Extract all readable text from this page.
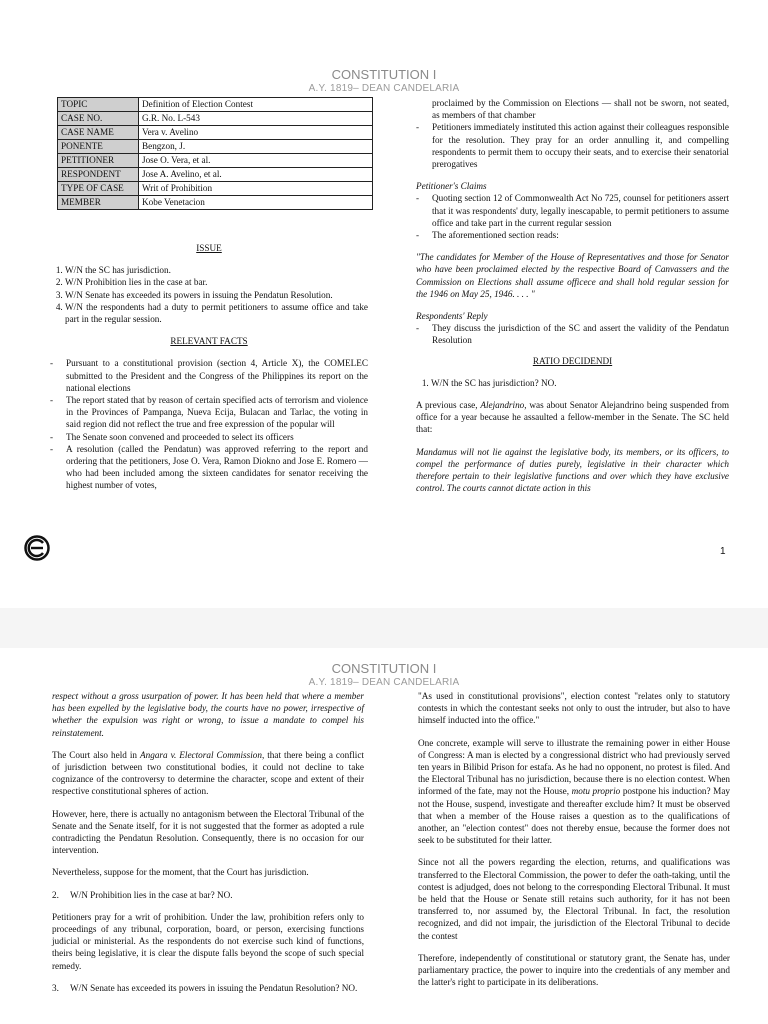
CONSTITUTION I
A.Y. 1819– DEAN CANDELARIA
TOPIC	Definition of Election Contest
CASE NO.	G.R. No. L-543
CASE NAME	Vera v. Avelino
PONENTE	Bengzon, J.
PETITIONER	Jose O. Vera, et al.
RESPONDENT	Jose A. Avelino, et al.
TYPE OF CASE	Writ of Prohibition
MEMBER	Kobe Venetacion
ISSUE
1. W/N the SC has jurisdiction.
2. W/N Prohibition lies in the case at bar.
3. W/N Senate has exceeded its powers in issuing the Pendatun Resolution.
4. W/N the respondents had a duty to permit petitioners to assume office and take part in the regular session.
RELEVANT FACTS
- Pursuant to a constitutional provision (section 4, Article X), the COMELEC submitted to the President and the Congress of the Philippines its report on the national elections
- The report stated that by reason of certain specified acts of terrorism and violence in the Provinces of Pampanga, Nueva Ecija, Bulacan and Tarlac, the voting in said region did not reflect the true and free expression of the popular will
- The Senate soon convened and proceeded to select its officers
- A resolution (called the Pendatun) was approved referring to the report and ordering that the petitioners, Jose O. Vera, Ramon Diokno and Jose E. Romero — who had been included among the sixteen candidates for senator receiving the highest number of votes,
proclaimed by the Commission on Elections — shall not be sworn, not seated, as members of that chamber
- Petitioners immediately instituted this action against their colleagues responsible for the resolution. They pray for an order annulling it, and compelling respondents to permit them to occupy their seats, and to exercise their senatorial prerogatives
Petitioner's Claims
- Quoting section 12 of Commonwealth Act No 725, counsel for petitioners assert that it was respondents' duty, legally inescapable, to permit petitioners to assume office and take part in the current regular session
- The aforementioned section reads:

"The candidates for Member of the House of Representatives and those for Senator who have been proclaimed elected by the respective Board of Canvassers and the Commission on Elections shall assume officece and shall hold regular session for the 1946 on May 25, 1946. . . . "

Respondents' Reply
- They discuss the jurisdiction of the SC and assert the validity of the Pendatun Resolution
RATIO DECIDENDI
1. W/N the SC has jurisdiction? NO.

A previous case, Alejandrino, was about Senator Alejandrino being suspended from office for a year because he assaulted a fellow-member in the Senate. The SC held that:

Mandamus will not lie against the legislative body, its members, or its officers, to compel the performance of duties purely, legislative in their character which therefore pertain to their legislative functions and over which they have exclusive control. The courts cannot dictate action in this

1
CONSTITUTION I
A.Y. 1819– DEAN CANDELARIA

respect without a gross usurpation of power. It has been held that where a member has been expelled by the legislative body, the courts have no power, irrespective of whether the expulsion was right or wrong, to issue a mandate to compel his reinstatement.

The Court also held in Angara v. Electoral Commission, that there being a conflict of jurisdiction between two constitutional bodies, it could not decline to take cognizance of the controversy to determine the character, scope and extent of their respective constitutional spheres of action.

However, here, there is actually no antagonism between the Electoral Tribunal of the Senate and the Senate itself, for it is not suggested that the former as adopted a rule contradicting the Pendatun Resolution. Consequently, there is no occasion for our intervention.

Nevertheless, suppose for the moment, that the Court has jurisdiction.

2.	W/N Prohibition lies in the case at bar? NO.

Petitioners pray for a writ of prohibition. Under the law, prohibition refers only to proceedings of any tribunal, corporation, board, or person, exercising functions judicial or ministerial. As the respondents do not exercise such kind of functions, theirs being legislative, it is clear the dispute falls beyond the scope of such special remedy.

3.	W/N Senate has exceeded its powers in issuing the Pendatun Resolution? NO.

"As used in constitutional provisions", election contest "relates only to statutory contests in which the contestant seeks not only to oust the intruder, but also to have himself inducted into the office."

One concrete, example will serve to illustrate the remaining power in either House of Congress: A man is elected by a congressional district who had previously served ten years in Bilibid Prison for estafa. As he had no opponent, no protest is filed. And the Electoral Tribunal has no jurisdiction, because there is no election contest. When informed of the fate, may not the House, motu proprio postpone his induction? May not the House, suspend, investigate and thereafter exclude him? It must be observed that when a member of the House raises a question as to the qualifications of another, an "election contest" does not thereby ensue, because the former does not seek to be substituted for their latter.

Since not all the powers regarding the election, returns, and qualifications was transferred to the Electoral Commission, the power to defer the oath-taking, until the contest is adjudged, does not belong to the corresponding Electoral Tribunal. It must be held that the House or Senate still retains such authority, for it has not been transferred to, nor assumed by, the Electoral Tribunal. In fact, the resolution recognized, and did not impair, the jurisdiction of the Electoral Tribunal to decide the contest

Therefore, independently of constitutional or statutory grant, the Senate has, under parliamentary practice, the power to inquire into the credentials of any member and the latter's right to participate in its deliberations.
